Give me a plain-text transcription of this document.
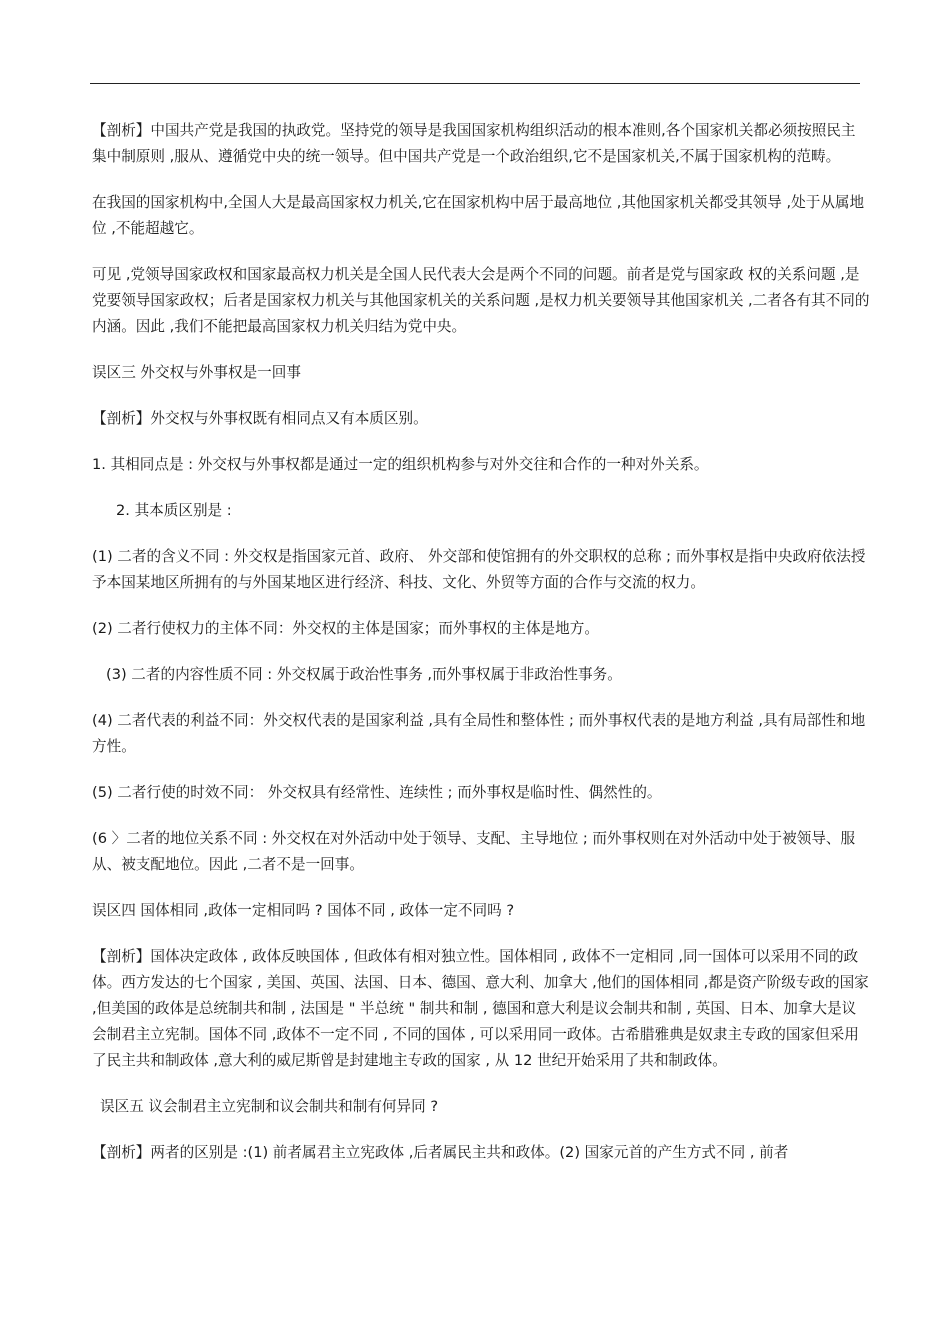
【剖析】中国共产党是我国的执政党。坚持党的领导是我国国家机构组织活动的根本准则,各个国家机关都必须按照民主集中制原则 ,服从、遵循党中央的统一领导。但中国共产党是一个政治组织,它不是国家机关,不属于国家机构的范畴。

在我国的国家机构中,全国人大是最高国家权力机关,它在国家机构中居于最高地位 ,其他国家机关都受其领导 ,处于从属地位 ,不能超越它。

可见 ,党领导国家政权和国家最高权力机关是全国人民代表大会是两个不同的问题。前者是党与国家政 权的关系问题 ,是党要领导国家政权；后者是国家权力机关与其他国家机关的关系问题 ,是权力机关要领导其他国家机关 ,二者各有其不同的内涵。因此 ,我们不能把最高国家权力机关归结为党中央。

误区三 外交权与外事权是一回事

【剖析】外交权与外事权既有相同点又有本质区别。

1. 其相同点是 : 外交权与外事权都是通过一定的组织机构参与对外交往和合作的一种对外关系。

2. 其本质区别是 :

(1) 二者的含义不同 : 外交权是指国家元首、政府、 外交部和使馆拥有的外交职权的总称 ; 而外事权是指中央政府依法授予本国某地区所拥有的与外国某地区进行经济、科技、文化、外贸等方面的合作与交流的权力。

(2) 二者行使权力的主体不同：外交权的主体是国家；而外事权的主体是地方。

(3) 二者的内容性质不同 : 外交权属于政治性事务 ,而外事权属于非政治性事务。

(4) 二者代表的利益不同：外交权代表的是国家利益 ,具有全局性和整体性 ; 而外事权代表的是地方利益 ,具有局部性和地方性。

(5) 二者行使的时效不同： 外交权具有经常性、连续性 ; 而外事权是临时性、偶然性的。

(6 〉二者的地位关系不同 : 外交权在对外活动中处于领导、支配、主导地位 ; 而外事权则在对外活动中处于被领导、服从、被支配地位。因此 ,二者不是一回事。

误区四 国体相同 ,政体一定相同吗 ? 国体不同 , 政体一定不同吗 ?

【剖析】国体决定政体 , 政体反映国体 , 但政体有相对独立性。国体相同 , 政体不一定相同 ,同一国体可以采用不同的政体。西方发达的七个国家 , 美国、英国、法国、日本、德国、意大利、加拿大 ,他们的国体相同 ,都是资产阶级专政的国家 ,但美国的政体是总统制共和制 , 法国是 " 半总统 " 制共和制 , 德国和意大利是议会制共和制 , 英国、日本、加拿大是议会制君主立宪制。国体不同 ,政体不一定不同 , 不同的国体 , 可以采用同一政体。古希腊雅典是奴隶主专政的国家但采用了民主共和制政体 ,意大利的威尼斯曾是封建地主专政的国家 , 从 12 世纪开始采用了共和制政体。

误区五 议会制君主立宪制和议会制共和制有何异同 ?

【剖析】两者的区别是 :(1) 前者属君主立宪政体 ,后者属民主共和政体。(2) 国家元首的产生方式不同 , 前者
